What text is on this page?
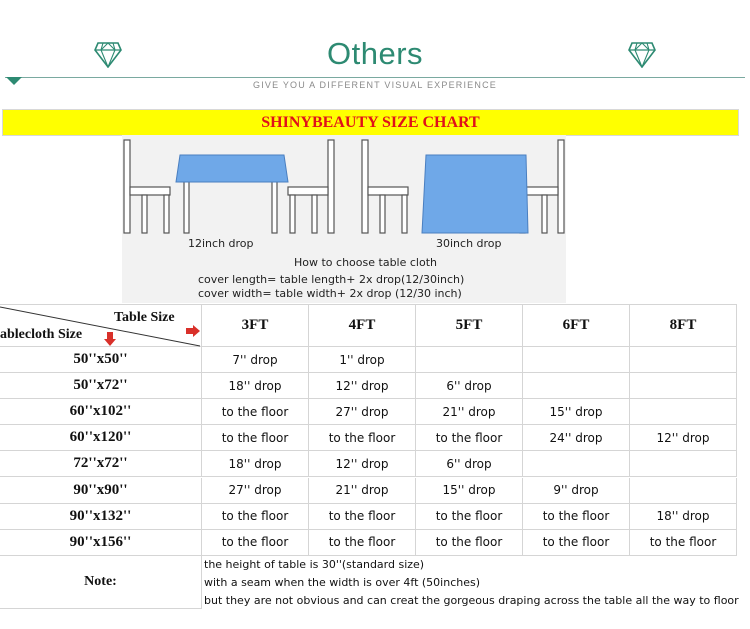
Others
GIVE YOU A DIFFERENT VISUAL EXPERIENCE
SHINYBEAUTY SIZE CHART
12inch drop	30inch drop
How to choose table cloth
cover length= table length+ 2x drop(12/30inch)
cover width= table width+ 2x drop (12/30 inch)
Table Size
ablecloth Size
3FT	4FT	5FT	6FT	8FT
50''x50''	7'' drop	1'' drop
50''x72''	18'' drop	12'' drop	6'' drop
60''x102''	to the floor	27'' drop	21'' drop	15'' drop
60''x120''	to the floor	to the floor	to the floor	24'' drop	12'' drop
72''x72''	18'' drop	12'' drop	6'' drop
90''x90''	27'' drop	21'' drop	15'' drop	9'' drop
90''x132''	to the floor	to the floor	to the floor	to the floor	18'' drop
90''x156''	to the floor	to the floor	to the floor	to the floor	to the floor
Note:
the height of table is 30''(standard size)
with a seam when the width is over 4ft (50inches)
but they are not obvious and can creat the gorgeous draping across the table all the way to floor
